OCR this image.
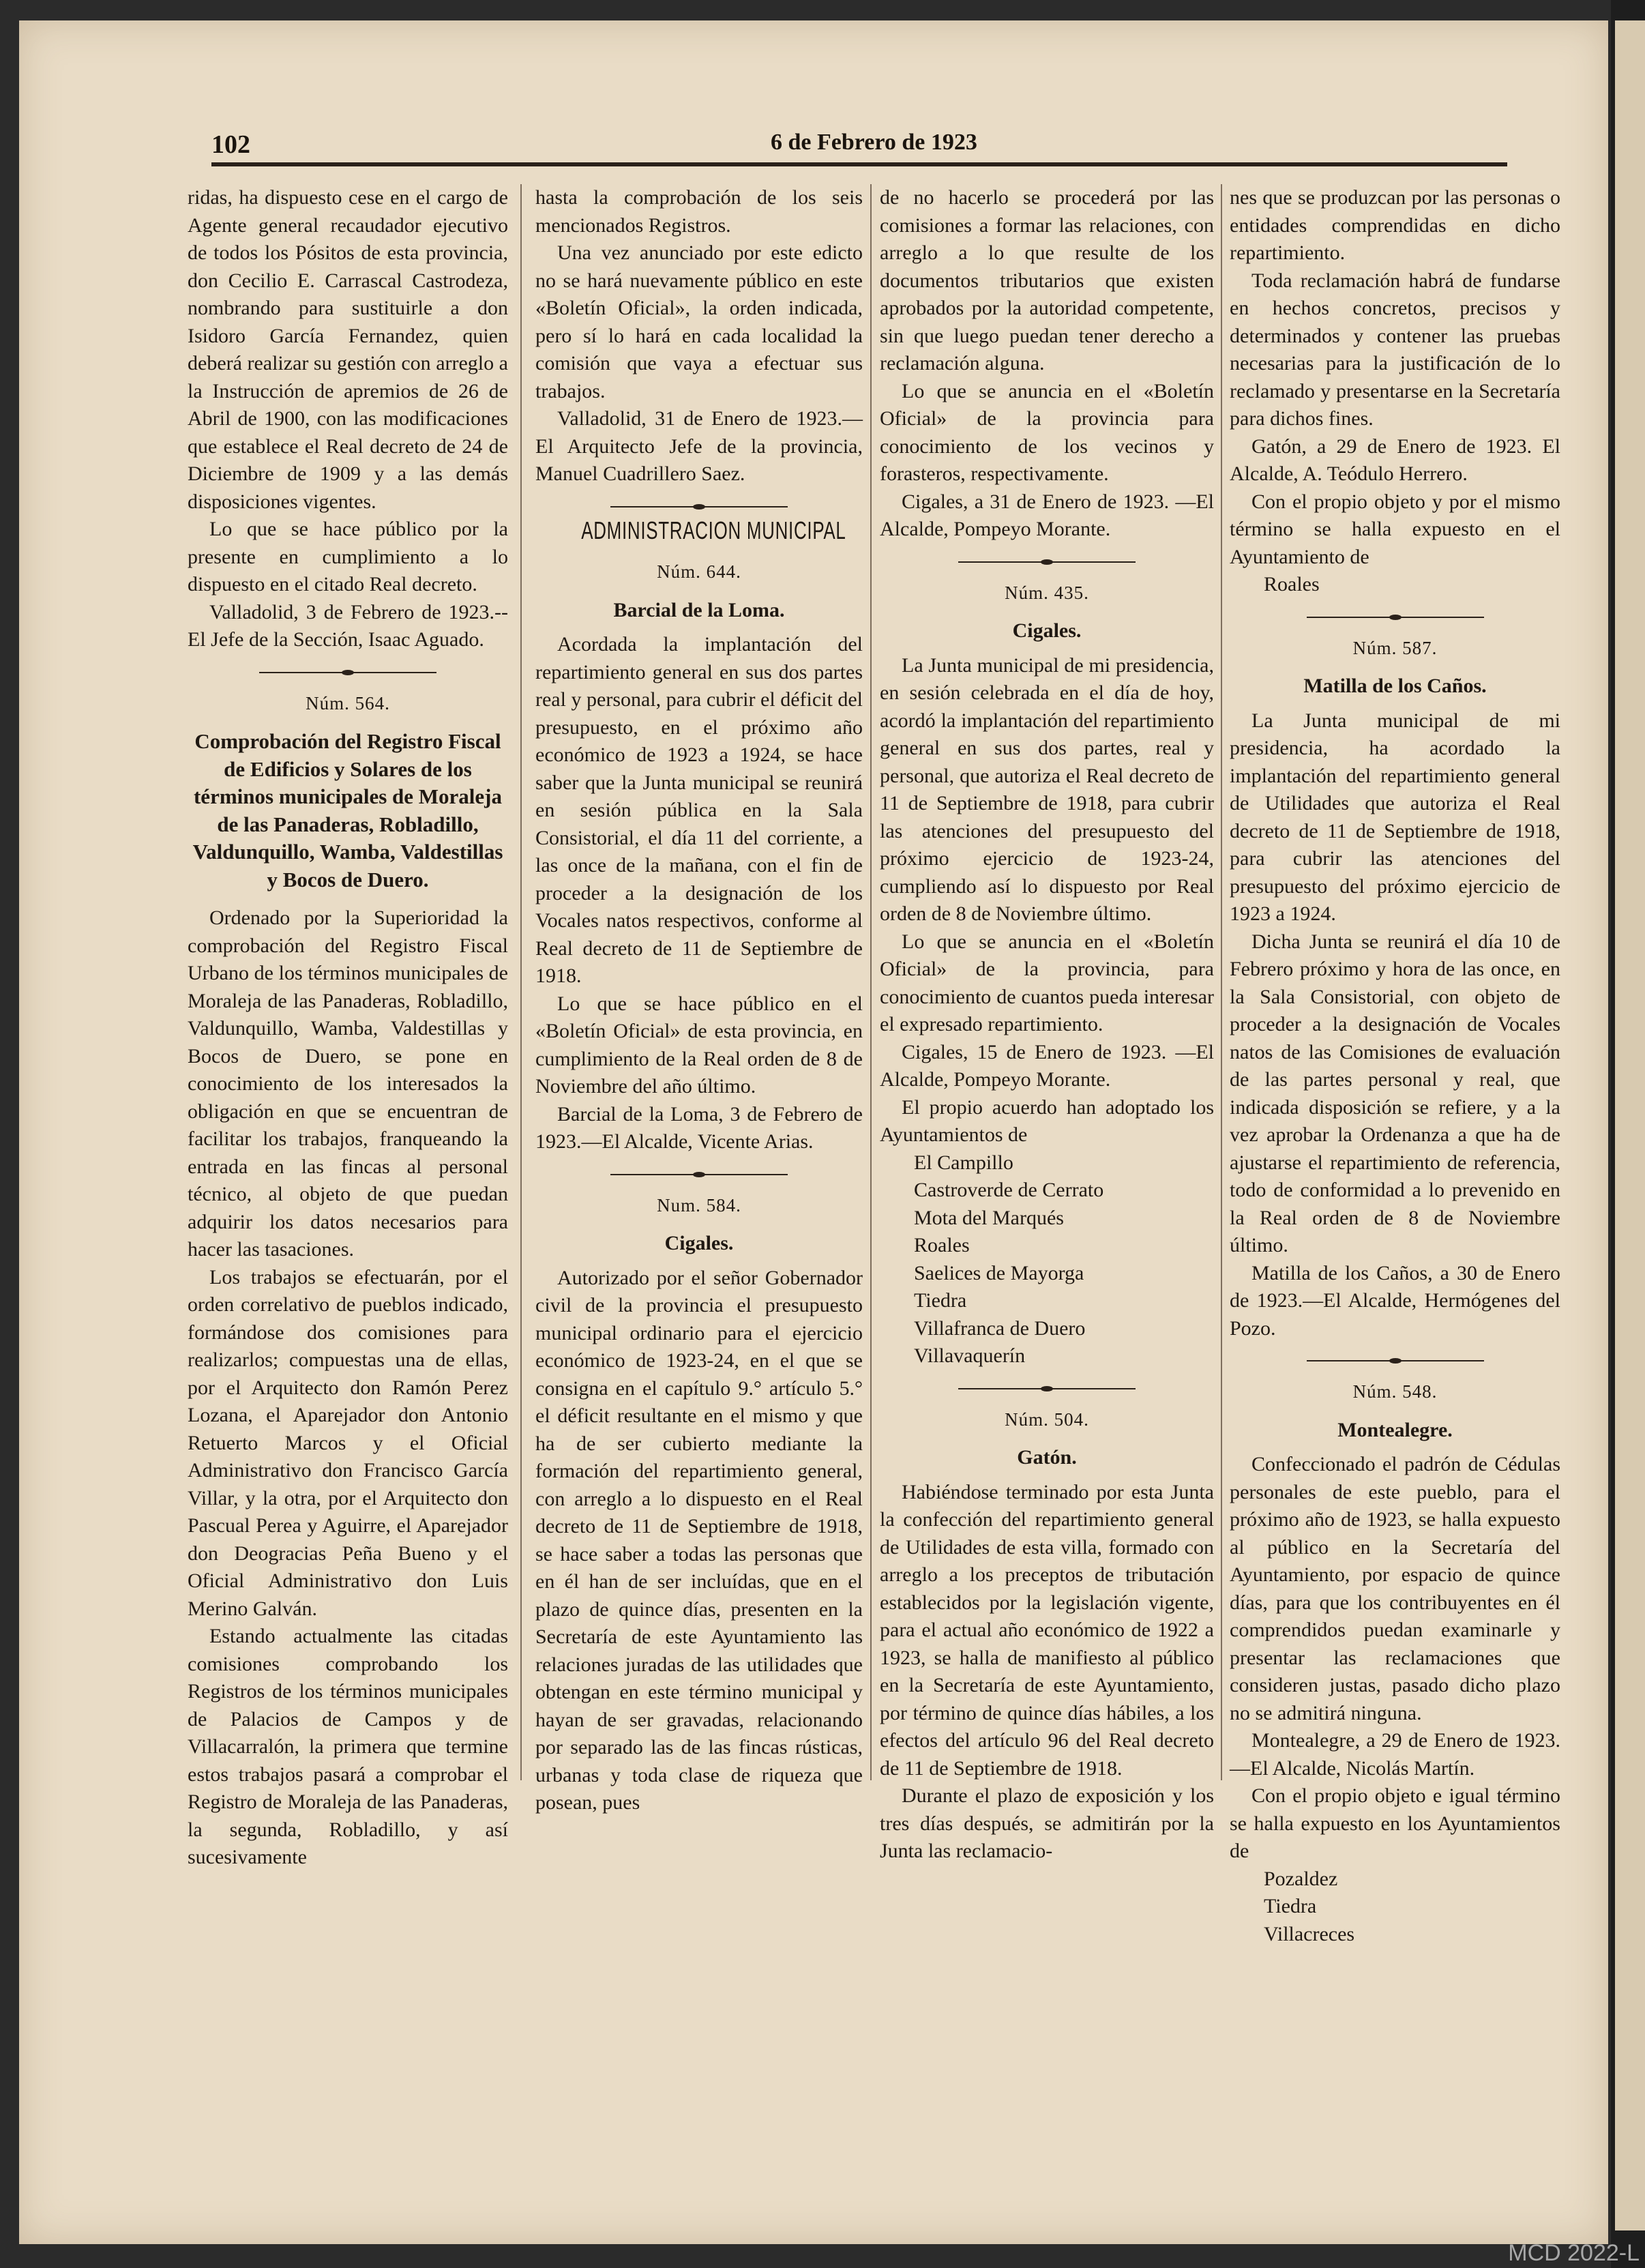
102	6 de Febrero de 1923

ridas, ha dispuesto cese en el cargo de Agente general recaudador ejecutivo de todos los Pósitos de esta provincia, don Cecilio E. Carrascal Castrodeza, nombrando para sustituirle a don Isidoro García Fernandez, quien deberá realizar su gestión con arreglo a la Instrucción de apremios de 26 de Abril de 1900, con las modificaciones que establece el Real decreto de 24 de Diciembre de 1909 y a las demás disposiciones vigentes.

Lo que se hace público por la presente en cumplimiento a lo dispuesto en el citado Real decreto.

Valladolid, 3 de Febrero de 1923.--El Jefe de la Sección, Isaac Aguado.

Núm. 564.

Comprobación del Registro Fiscal de Edificios y Solares de los términos municipales de Moraleja de las Panaderas, Robladillo, Valdunquillo, Wamba, Valdestillas y Bocos de Duero.

Ordenado por la Superioridad la comprobación del Registro Fiscal Urbano de los términos municipales de Moraleja de las Panaderas, Robladillo, Valdunquillo, Wamba, Valdestillas y Bocos de Duero, se pone en conocimiento de los interesados la obligación en que se encuentran de facilitar los trabajos, franqueando la entrada en las fincas al personal técnico, al objeto de que puedan adquirir los datos necesarios para hacer las tasaciones.

Los trabajos se efectuarán, por el orden correlativo de pueblos indicado, formándose dos comisiones para realizarlos; compuestas una de ellas, por el Arquitecto don Ramón Perez Lozana, el Aparejador don Antonio Retuerto Marcos y el Oficial Administrativo don Francisco García Villar, y la otra, por el Arquitecto don Pascual Perea y Aguirre, el Aparejador don Deogracias Peña Bueno y el Oficial Administrativo don Luis Merino Galván.

Estando actualmente las citadas comisiones comprobando los Registros de los términos municipales de Palacios de Campos y de Villacarralón, la primera que termine estos trabajos pasará a comprobar el Registro de Moraleja de las Panaderas, la segunda, Robladillo, y así sucesivamente

hasta la comprobación de los seis mencionados Registros.

Una vez anunciado por este edicto no se hará nuevamente público en este «Boletín Oficial», la orden indicada, pero sí lo hará en cada localidad la comisión que vaya a efectuar sus trabajos.

Valladolid, 31 de Enero de 1923.—El Arquitecto Jefe de la provincia, Manuel Cuadrillero Saez.

ADMINISTRACION MUNICIPAL

Núm. 644.

Barcial de la Loma.

Acordada la implantación del repartimiento general en sus dos partes real y personal, para cubrir el déficit del presupuesto, en el próximo año económico de 1923 a 1924, se hace saber que la Junta municipal se reunirá en sesión pública en la Sala Consistorial, el día 11 del corriente, a las once de la mañana, con el fin de proceder a la designación de los Vocales natos respectivos, conforme al Real decreto de 11 de Septiembre de 1918.

Lo que se hace público en el «Boletín Oficial» de esta provincia, en cumplimiento de la Real orden de 8 de Noviembre del año último.

Barcial de la Loma, 3 de Febrero de 1923.—El Alcalde, Vicente Arias.

Num. 584.

Cigales.

Autorizado por el señor Gobernador civil de la provincia el presupuesto municipal ordinario para el ejercicio económico de 1923-24, en el que se consigna en el capítulo 9.° artículo 5.° el déficit resultante en el mismo y que ha de ser cubierto mediante la formación del repartimiento general, con arreglo a lo dispuesto en el Real decreto de 11 de Septiembre de 1918, se hace saber a todas las personas que en él han de ser incluídas, que en el plazo de quince días, presenten en la Secretaría de este Ayuntamiento las relaciones juradas de las utilidades que obtengan en este término municipal y hayan de ser gravadas, relacionando por separado las de las fincas rústicas, urbanas y toda clase de riqueza que posean, pues

de no hacerlo se procederá por las comisiones a formar las relaciones, con arreglo a lo que resulte de los documentos tributarios que existen aprobados por la autoridad competente, sin que luego puedan tener derecho a reclamación alguna.

Lo que se anuncia en el «Boletín Oficial» de la provincia para conocimiento de los vecinos y forasteros, respectivamente.

Cigales, a 31 de Enero de 1923. —El Alcalde, Pompeyo Morante.

Núm. 435.

Cigales.

La Junta municipal de mi presidencia, en sesión celebrada en el día de hoy, acordó la implantación del repartimiento general en sus dos partes, real y personal, que autoriza el Real decreto de 11 de Septiembre de 1918, para cubrir las atenciones del presupuesto del próximo ejercicio de 1923-24, cumpliendo así lo dispuesto por Real orden de 8 de Noviembre último.

Lo que se anuncia en el «Boletín Oficial» de la provincia, para conocimiento de cuantos pueda interesar el expresado repartimiento.

Cigales, 15 de Enero de 1923. —El Alcalde, Pompeyo Morante.

El propio acuerdo han adoptado los Ayuntamientos de

El Campillo

Castroverde de Cerrato

Mota del Marqués

Roales

Saelices de Mayorga

Tiedra

Villafranca de Duero

Villavaquerín

Núm. 504.

Gatón.

Habiéndose terminado por esta Junta la confección del repartimiento general de Utilidades de esta villa, formado con arreglo a los preceptos de tributación establecidos por la legislación vigente, para el actual año económico de 1922 a 1923, se halla de manifiesto al público en la Secretaría de este Ayuntamiento, por término de quince días hábiles, a los efectos del artículo 96 del Real decreto de 11 de Septiembre de 1918.

Durante el plazo de exposición y los tres días después, se admitirán por la Junta las reclamacio-

nes que se produzcan por las personas o entidades comprendidas en dicho repartimiento.

Toda reclamación habrá de fundarse en hechos concretos, precisos y determinados y contener las pruebas necesarias para la justificación de lo reclamado y presentarse en la Secretaría para dichos fines.

Gatón, a 29 de Enero de 1923. El Alcalde, A. Teódulo Herrero.

Con el propio objeto y por el mismo término se halla expuesto en el Ayuntamiento de

Roales

Núm. 587.

Matilla de los Caños.

La Junta municipal de mi presidencia, ha acordado la implantación del repartimiento general de Utilidades que autoriza el Real decreto de 11 de Septiembre de 1918, para cubrir las atenciones del presupuesto del próximo ejercicio de 1923 a 1924.

Dicha Junta se reunirá el día 10 de Febrero próximo y hora de las once, en la Sala Consistorial, con objeto de proceder a la designación de Vocales natos de las Comisiones de evaluación de las partes personal y real, que indicada disposición se refiere, y a la vez aprobar la Ordenanza a que ha de ajustarse el repartimiento de referencia, todo de conformidad a lo prevenido en la Real orden de 8 de Noviembre último.

Matilla de los Caños, a 30 de Enero de 1923.—El Alcalde, Hermógenes del Pozo.

Núm. 548.

Montealegre.

Confeccionado el padrón de Cédulas personales de este pueblo, para el próximo año de 1923, se halla expuesto al público en la Secretaría del Ayuntamiento, por espacio de quince días, para que los contribuyentes en él comprendidos puedan examinarle y presentar las reclamaciones que consideren justas, pasado dicho plazo no se admitirá ninguna.

Montealegre, a 29 de Enero de 1923.—El Alcalde, Nicolás Martín.

Con el propio objeto e igual término se halla expuesto en los Ayuntamientos de

Pozaldez

Tiedra

Villacreces

MCD 2022-L
